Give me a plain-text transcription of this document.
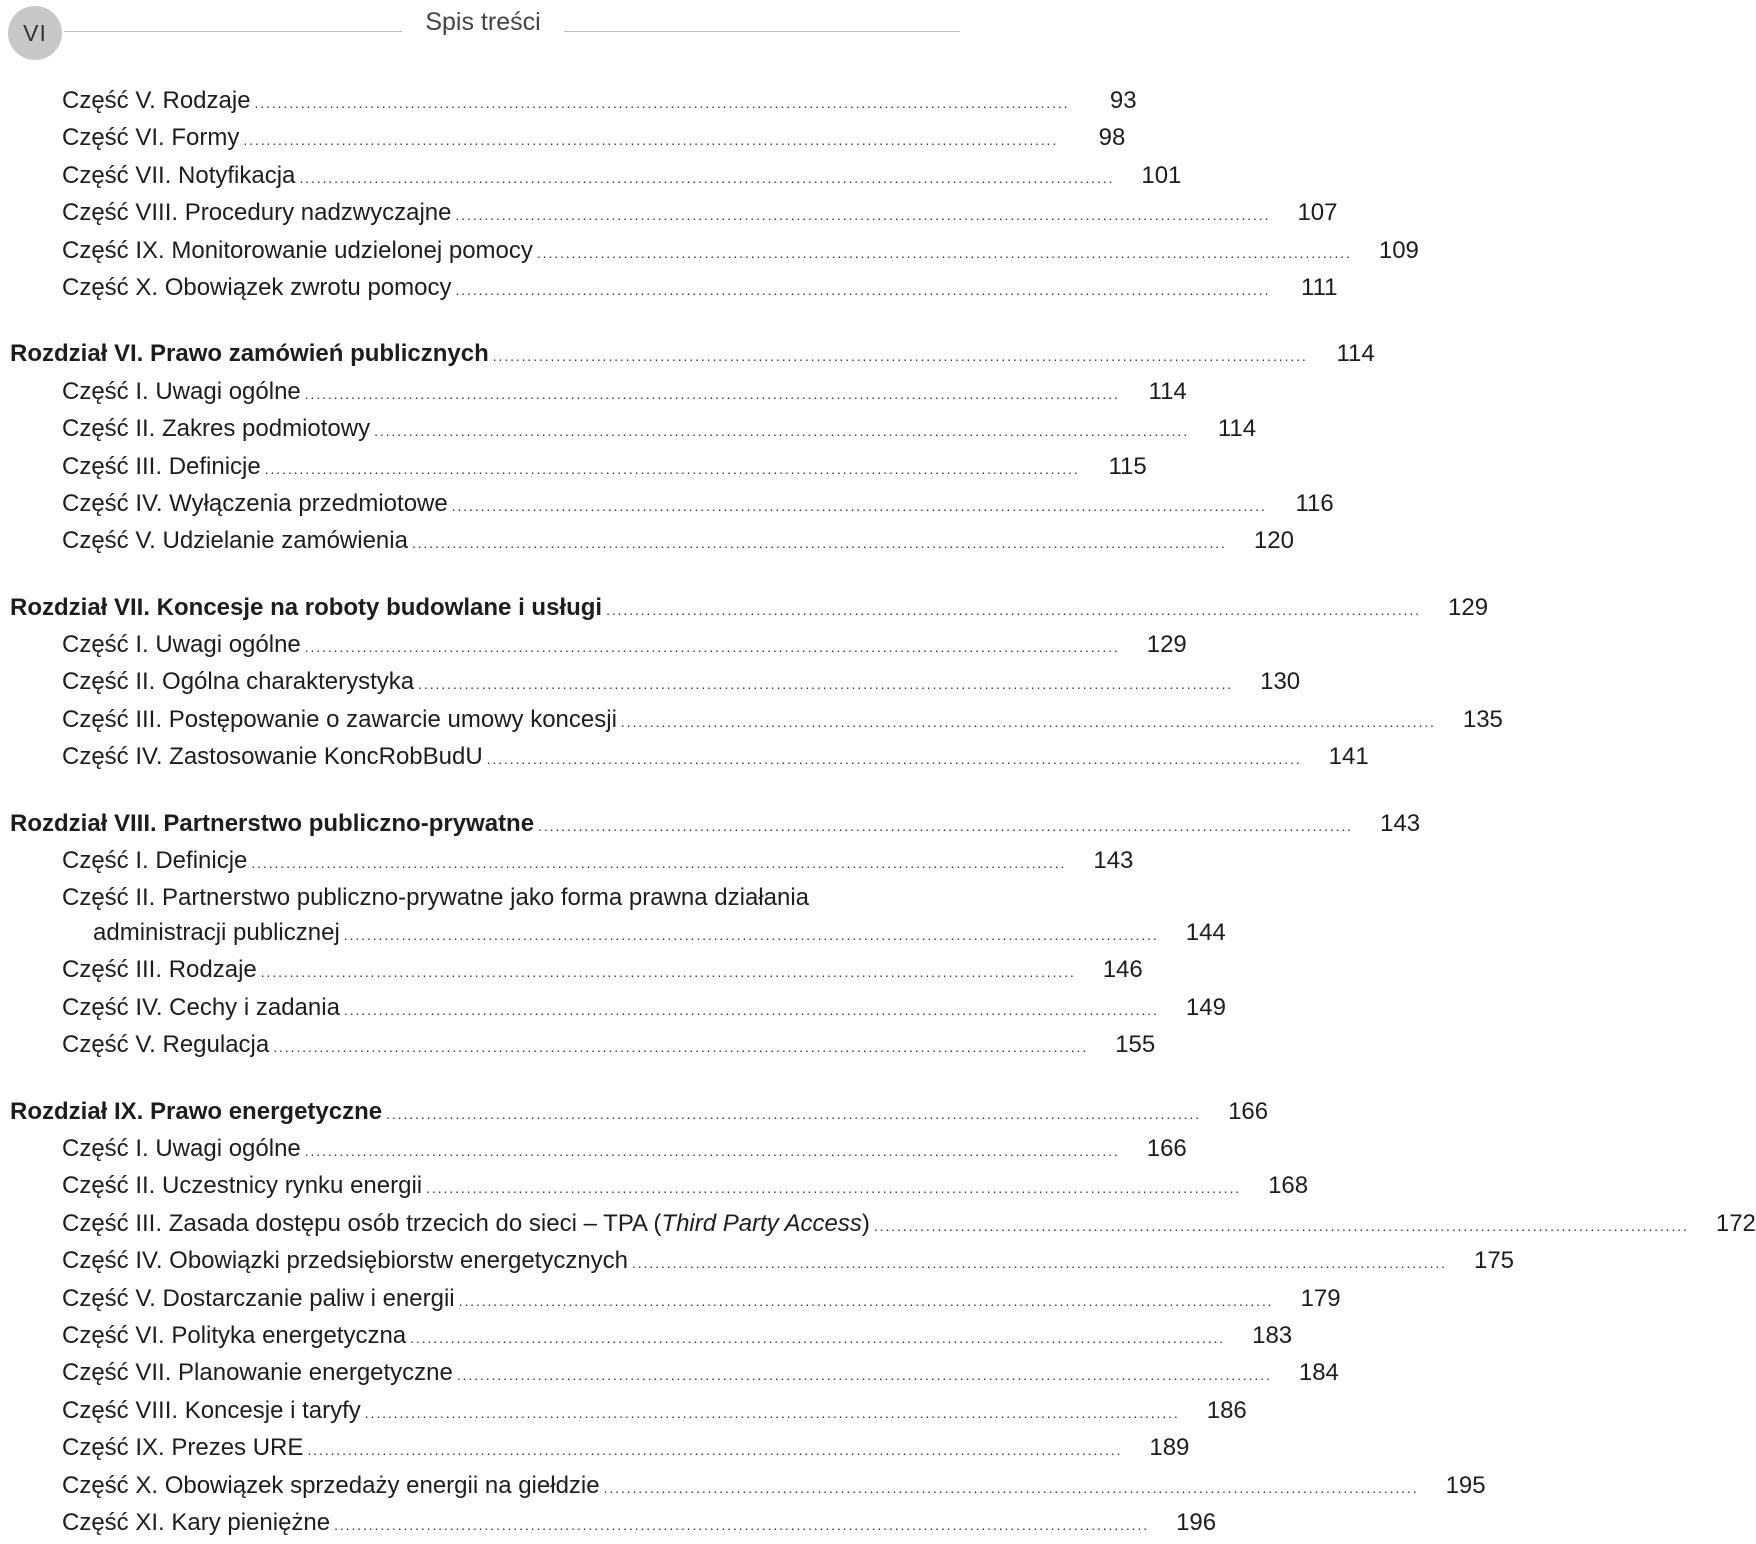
VI	Spis treści
Część V. Rodzaje . . .	93
Część VI. Formy . . .	98
Część VII. Notyfikacja . . .	101
Część VIII. Procedury nadzwyczajne . . .	107
Część IX. Monitorowanie udzielonej pomocy . . .	109
Część X. Obowiązek zwrotu pomocy . . .	111
Rozdział VI. Prawo zamówień publicznych . . .	114
Część I. Uwagi ogólne . . .	114
Część II. Zakres podmiotowy . . .	114
Część III. Definicje . . .	115
Część IV. Wyłączenia przedmiotowe . . .	116
Część V. Udzielanie zamówienia . . .	120
Rozdział VII. Koncesje na roboty budowlane i usługi . . .	129
Część I. Uwagi ogólne . . .	129
Część II. Ogólna charakterystyka . . .	130
Część III. Postępowanie o zawarcie umowy koncesji . . .	135
Część IV. Zastosowanie KoncRobBudU . . .	141
Rozdział VIII. Partnerstwo publiczno-prywatne . . .	143
Część I. Definicje . . .	143
Część II. Partnerstwo publiczno-prywatne jako forma prawna działania
administracji publicznej . . .	144
Część III. Rodzaje . . .	146
Część IV. Cechy i zadania . . .	149
Część V. Regulacja . . .	155
Rozdział IX. Prawo energetyczne . . .	166
Część I. Uwagi ogólne . . .	166
Część II. Uczestnicy rynku energii . . .	168
Część III. Zasada dostępu osób trzecich do sieci – TPA (Third Party Access) . . .	172
Część IV. Obowiązki przedsiębiorstw energetycznych . . .	175
Część V. Dostarczanie paliw i energii . . .	179
Część VI. Polityka energetyczna . . .	183
Część VII. Planowanie energetyczne . . .	184
Część VIII. Koncesje i taryfy . . .	186
Część IX. Prezes URE . . .	189
Część X. Obowiązek sprzedaży energii na giełdzie . . .	195
Część XI. Kary pieniężne . . .	196
